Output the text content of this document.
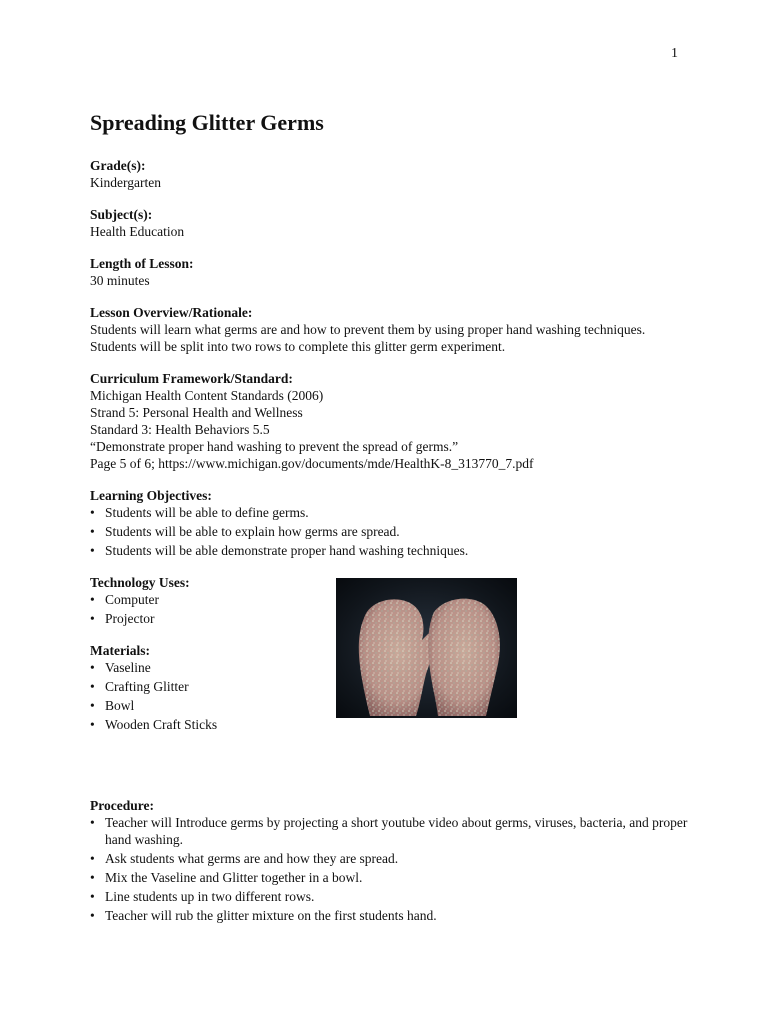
1
Spreading Glitter Germs
Grade(s):

Kindergarten

Subject(s):

Health Education

Length of Lesson:

30 minutes

Lesson Overview/Rationale:

Students will learn what germs are and how to prevent them by using proper hand washing techniques.

Students will be split into two rows to complete this glitter germ experiment.

Curriculum Framework/Standard:

Michigan Health Content Standards (2006)

Strand 5: Personal Health and Wellness

Standard 3: Health Behaviors 5.5

“Demonstrate proper hand washing to prevent the spread of germs.”

Page 5 of 6; https://www.michigan.gov/documents/mde/HealthK-8_313770_7.pdf

Learning Objectives:
• Students will be able to define germs.
• Students will be able to explain how germs are spread.
• Students will be able demonstrate proper hand washing techniques.
Technology Uses:
• Computer
• Projector
Materials:
• Vaseline
• Crafting Glitter
• Bowl
• Wooden Craft Sticks
Procedure:
• Teacher will Introduce germs by projecting a short youtube video about germs, viruses, bacteria, and proper hand washing.
• Ask students what germs are and how they are spread.
• Mix the Vaseline and Glitter together in a bowl.
• Line students up in two different rows.
• Teacher will rub the glitter mixture on the first students hand.
